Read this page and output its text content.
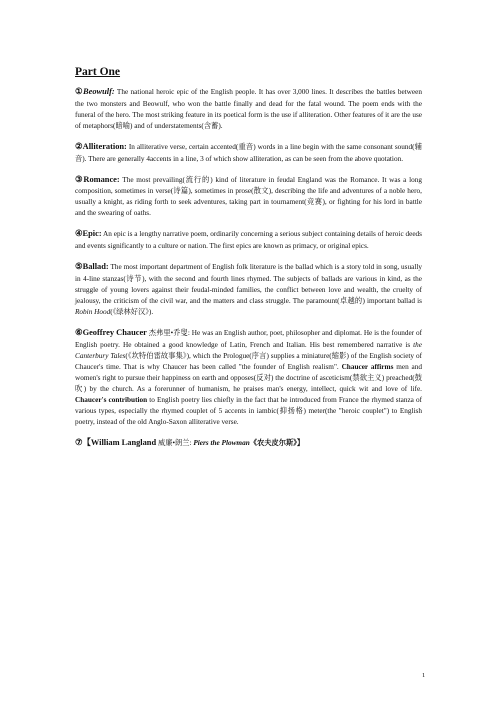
Part One

①Beowulf: The national heroic epic of the English people. It has over 3,000 lines. It describes the battles between the two monsters and Beowulf, who won the battle finally and dead for the fatal wound. The poem ends with the funeral of the hero. The most striking feature in its poetical form is the use if alliteration. Other features of it are the use of metaphors(暗喻) and of understatements(含蓄).

②Alliteration: In alliterative verse, certain accented(重音) words in a line begin with the same consonant sound(辅音). There are generally 4accents in a line, 3 of which show alliteration, as can be seen from the above quotation.

③Romance: The most prevailing(流行的) kind of literature in feudal England was the Romance. It was a long composition, sometimes in verse(诗篇), sometimes in prose(散文), describing the life and adventures of a noble hero, usually a knight, as riding forth to seek adventures, taking part in tournament(竞赛), or fighting for his lord in battle and the swearing of oaths.

④Epic: An epic is a lengthy narrative poem, ordinarily concerning a serious subject containing details of heroic deeds and events significantly to a culture or nation. The first epics are known as primacy, or original epics.

⑤Ballad: The most important department of English folk literature is the ballad which is a story told in song, usually in 4-line stanzas(诗节), with the second and fourth lines rhymed. The subjects of ballads are various in kind, as the struggle of young lovers against their feudal-minded families, the conflict between love and wealth, the cruelty of jealousy, the criticism of the civil war, and the matters and class struggle. The paramount(卓越的) important ballad is Robin Hood(《绿林好汉》).

⑥Geoffrey Chaucer 杰弗里•乔叟: He was an English author, poet, philosopher and diplomat. He is the founder of English poetry. He obtained a good knowledge of Latin, French and Italian. His best remembered narrative is the Canterbury Tales(《坎特伯雷故事集》), which the Prologue(序言) supplies a miniature(缩影) of the English society of Chaucer's time. That is why Chaucer has been called "the founder of English realism". Chaucer affirms men and women's right to pursue their happiness on earth and opposes(反对) the doctrine of asceticism(禁欲主义) preached(鼓吹) by the church. As a forerunner of humanism, he praises man's energy, intellect, quick wit and love of life. Chaucer's contribution to English poetry lies chiefly in the fact that he introduced from France the rhymed stanza of various types, especially the rhymed couplet of 5 accents in iambic(抑扬格) meter(the "heroic couplet") to English poetry, instead of the old Anglo-Saxon alliterative verse.

⑦【William Langland 威廉•朗兰: Piers the Plowman《农夫皮尔斯》】

1
